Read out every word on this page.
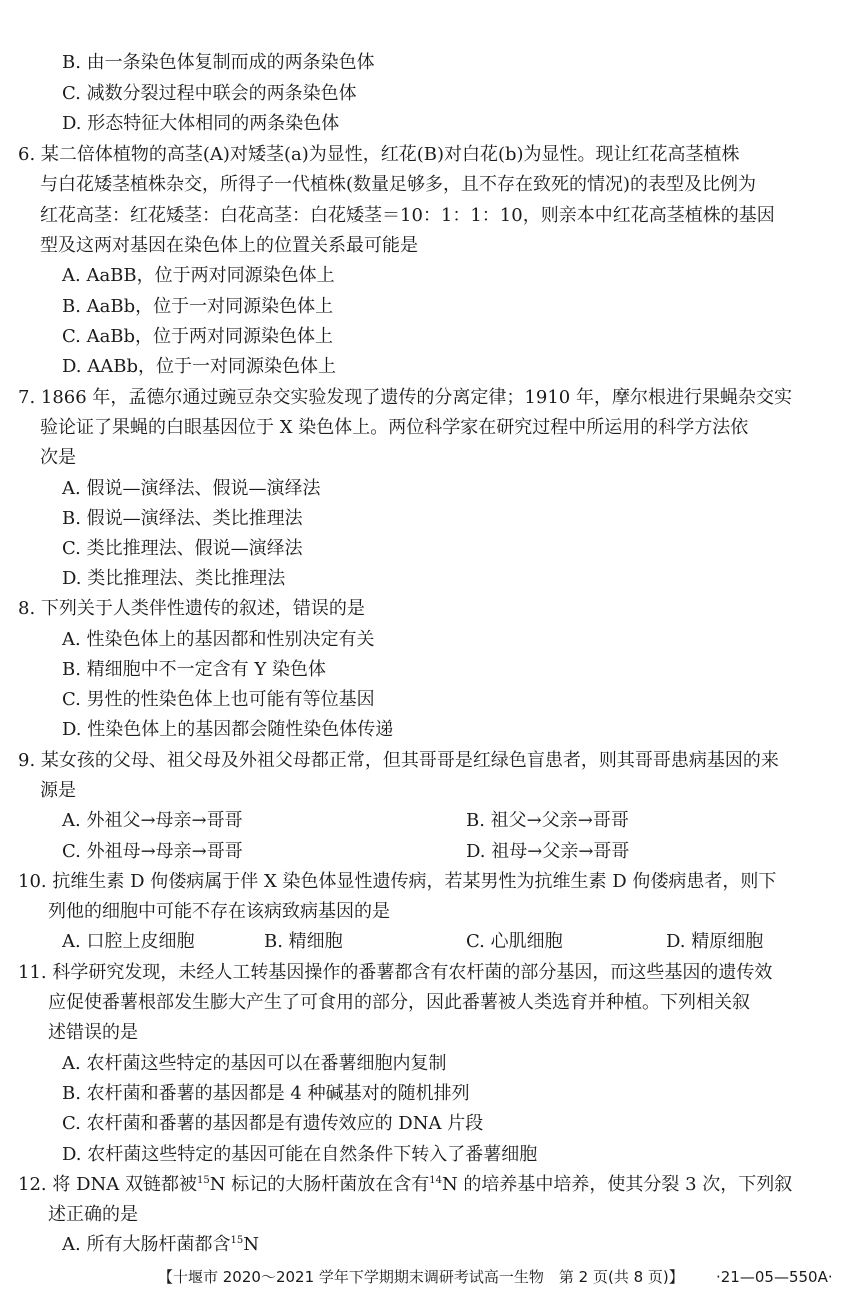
B. 由一条染色体复制而成的两条染色体
C. 减数分裂过程中联会的两条染色体
D. 形态特征大体相同的两条染色体
6. 某二倍体植物的高茎(A)对矮茎(a)为显性，红花(B)对白花(b)为显性。现让红花高茎植株
与白花矮茎植株杂交，所得子一代植株(数量足够多，且不存在致死的情况)的表型及比例为
红花高茎：红花矮茎：白花高茎：白花矮茎＝10：1：1：10，则亲本中红花高茎植株的基因
型及这两对基因在染色体上的位置关系最可能是
A. AaBB，位于两对同源染色体上
B. AaBb，位于一对同源染色体上
C. AaBb，位于两对同源染色体上
D. AABb，位于一对同源染色体上
7. 1866 年，孟德尔通过豌豆杂交实验发现了遗传的分离定律；1910 年，摩尔根进行果蝇杂交实
验论证了果蝇的白眼基因位于 X 染色体上。两位科学家在研究过程中所运用的科学方法依
次是
A. 假说—演绎法、假说—演绎法
B. 假说—演绎法、类比推理法
C. 类比推理法、假说—演绎法
D. 类比推理法、类比推理法
8. 下列关于人类伴性遗传的叙述，错误的是
A. 性染色体上的基因都和性别决定有关
B. 精细胞中不一定含有 Y 染色体
C. 男性的性染色体上也可能有等位基因
D. 性染色体上的基因都会随性染色体传递
9. 某女孩的父母、祖父母及外祖父母都正常，但其哥哥是红绿色盲患者，则其哥哥患病基因的来
源是
A. 外祖父→母亲→哥哥	B. 祖父→父亲→哥哥
C. 外祖母→母亲→哥哥	D. 祖母→父亲→哥哥
10. 抗维生素 D 佝偻病属于伴 X 染色体显性遗传病，若某男性为抗维生素 D 佝偻病患者，则下
列他的细胞中可能不存在该病致病基因的是
A. 口腔上皮细胞	B. 精细胞	C. 心肌细胞	D. 精原细胞
11. 科学研究发现，未经人工转基因操作的番薯都含有农杆菌的部分基因，而这些基因的遗传效
应促使番薯根部发生膨大产生了可食用的部分，因此番薯被人类选育并种植。下列相关叙
述错误的是
A. 农杆菌这些特定的基因可以在番薯细胞内复制
B. 农杆菌和番薯的基因都是 4 种碱基对的随机排列
C. 农杆菌和番薯的基因都是有遗传效应的 DNA 片段
D. 农杆菌这些特定的基因可能在自然条件下转入了番薯细胞
12. 将 DNA 双链都被$^{15}$N 标记的大肠杆菌放在含有$^{14}$N 的培养基中培养，使其分裂 3 次，下列叙
述正确的是
A. 所有大肠杆菌都含$^{15}$N
【十堰市 2020～2021 学年下学期期末调研考试高一生物　第 2 页(共 8 页)】 ·21—05—550A·
